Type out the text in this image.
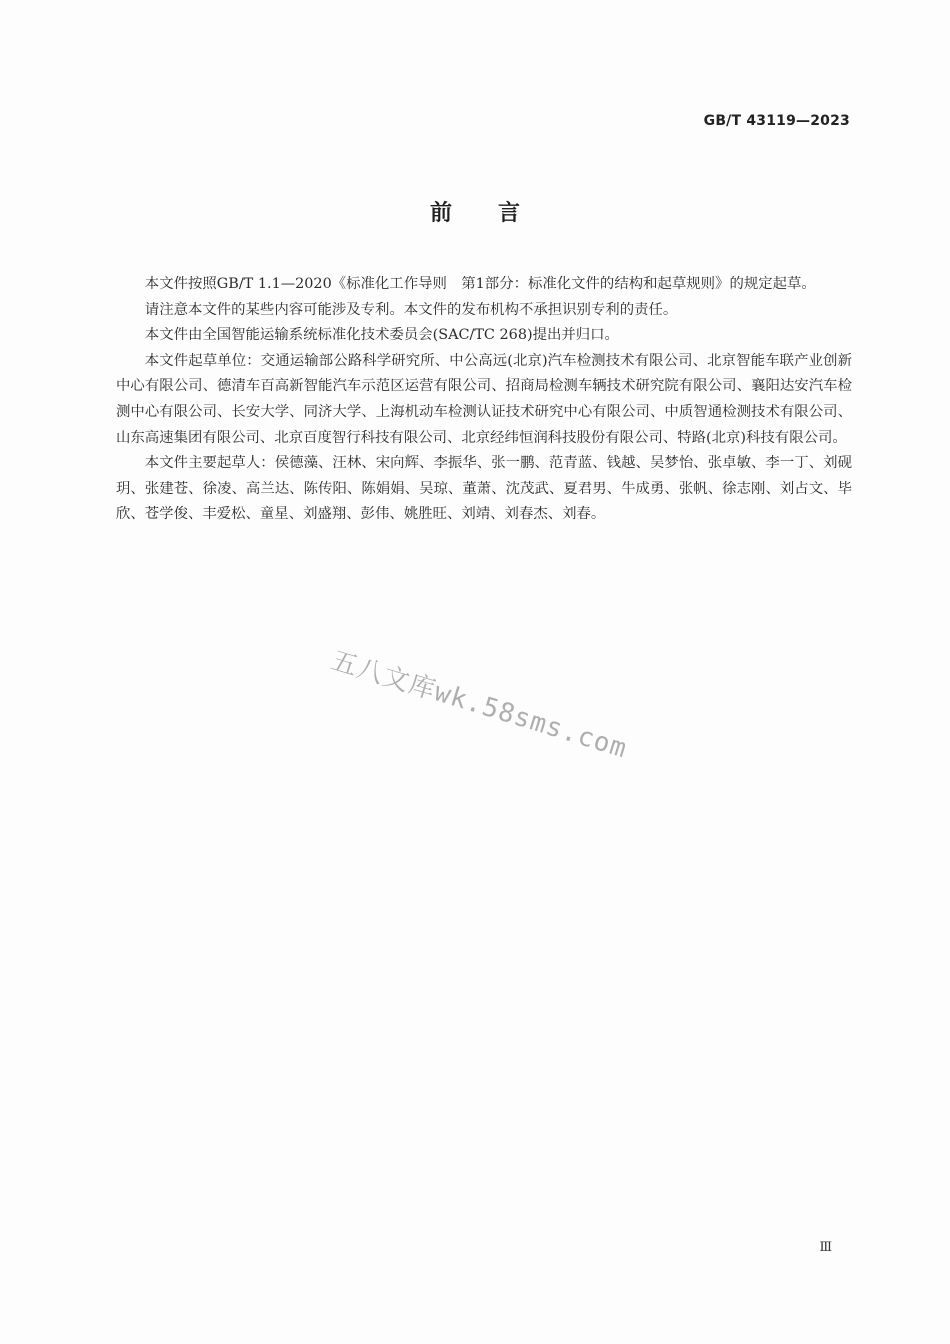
GB/T 43119—2023
前言

本文件按照GB/T 1.1—2020《标准化工作导则　第1部分：标准化文件的结构和起草规则》的规定起草。

请注意本文件的某些内容可能涉及专利。本文件的发布机构不承担识别专利的责任。

本文件由全国智能运输系统标准化技术委员会(SAC/TC 268)提出并归口。

本文件起草单位：交通运输部公路科学研究所、中公高远(北京)汽车检测技术有限公司、北京智能车联产业创新中心有限公司、德清车百高新智能汽车示范区运营有限公司、招商局检测车辆技术研究院有限公司、襄阳达安汽车检测中心有限公司、长安大学、同济大学、上海机动车检测认证技术研究中心有限公司、中质智通检测技术有限公司、山东高速集团有限公司、北京百度智行科技有限公司、北京经纬恒润科技股份有限公司、特路(北京)科技有限公司。

本文件主要起草人：侯德藻、汪林、宋向辉、李振华、张一鹏、范青蓝、钱越、吴梦怡、张卓敏、李一丁、刘砚玥、张建苍、徐凌、高兰达、陈传阳、陈娟娟、吴琼、董萧、沈茂武、夏君男、牛成勇、张帆、徐志刚、刘占文、毕欣、苍学俊、丰爱松、童星、刘盛翔、彭伟、姚胜旺、刘靖、刘春杰、刘春。

五八文库wk.58sms.com
Ⅲ
